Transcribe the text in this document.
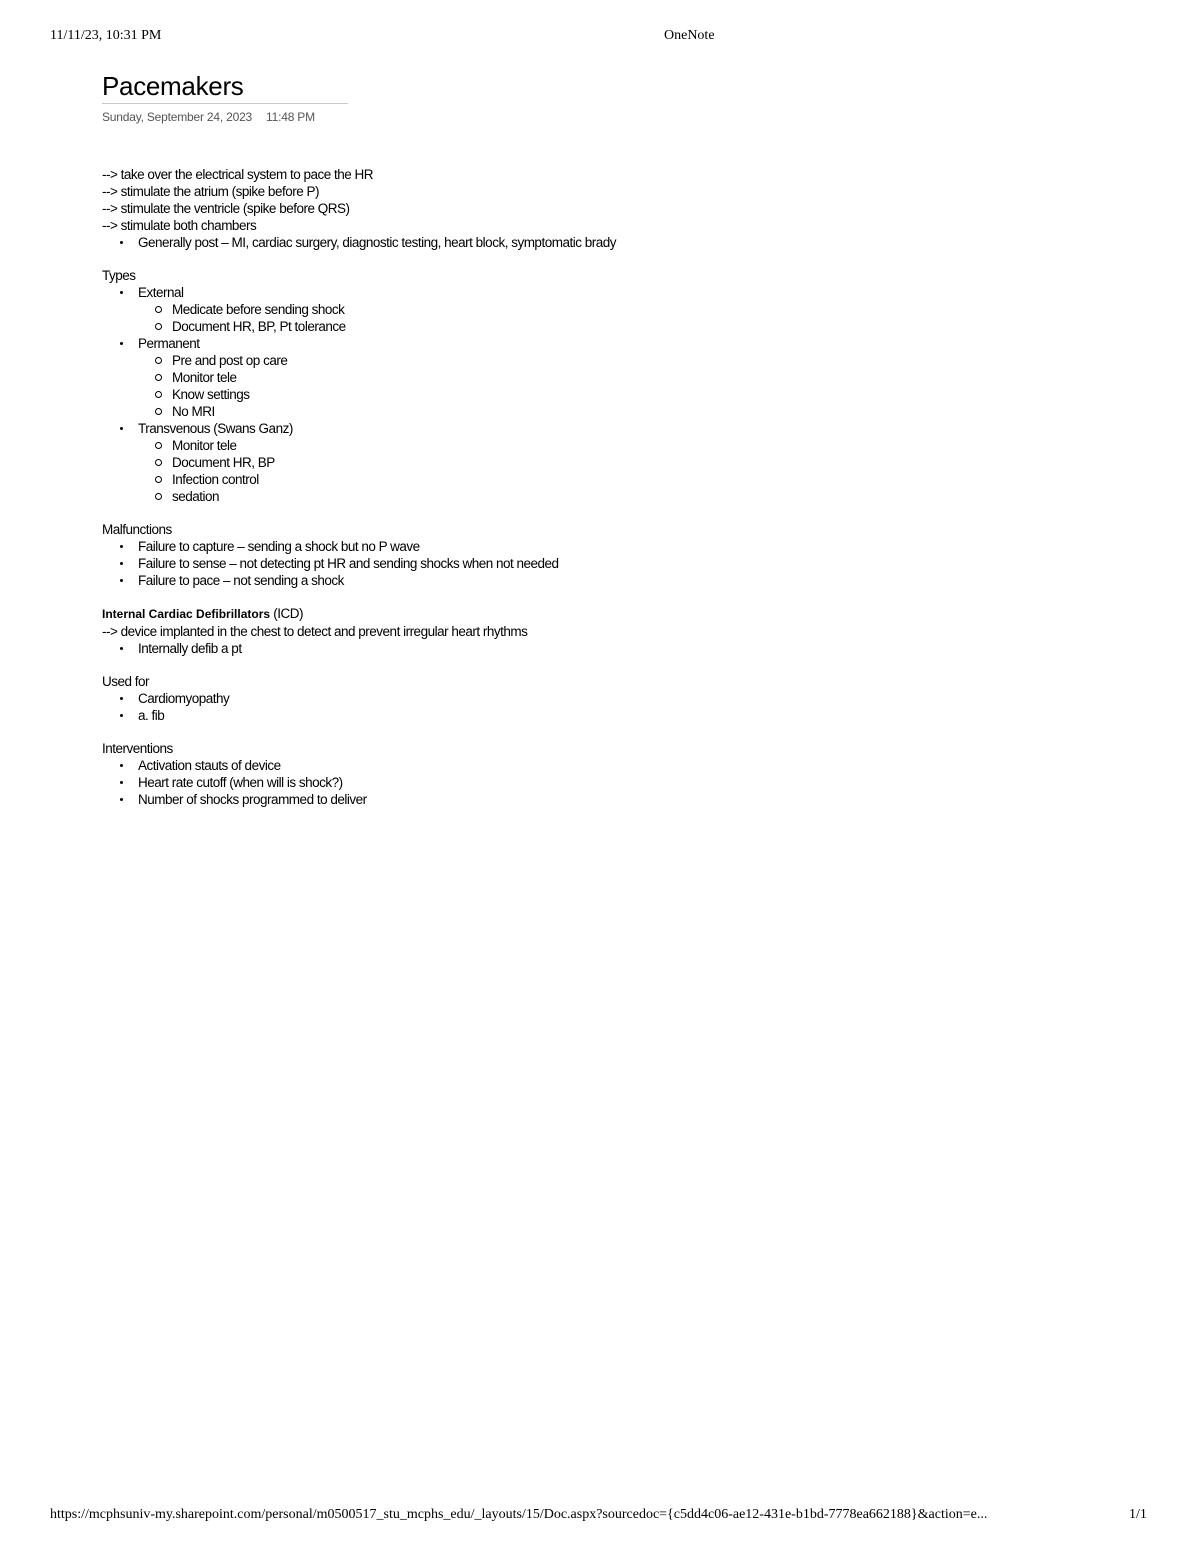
11/11/23, 10:31 PM	OneNote
Pacemakers
Sunday, September 24, 2023 11:48 PM

--> take over the electrical system to pace the HR

--> stimulate the atrium (spike before P)

--> stimulate the ventricle (spike before QRS)

--> stimulate both chambers

Generally post – MI, cardiac surgery, diagnostic testing, heart block, symptomatic brady

Types

External
Medicate before sending shock
Document HR, BP, Pt tolerance
Permanent
Pre and post op care
Monitor tele
Know settings
No MRI
Transvenous (Swans Ganz)
Monitor tele
Document HR, BP
Infection control
sedation

Malfunctions

Failure to capture – sending a shock but no P wave
Failure to sense – not detecting pt HR and sending shocks when not needed
Failure to pace – not sending a shock

Internal Cardiac Defibrillators (ICD)

--> device implanted in the chest to detect and prevent irregular heart rhythms

Internally defib a pt

Used for

Cardiomyopathy
a. fib

Interventions

Activation stauts of device
Heart rate cutoff (when will is shock?)
Number of shocks programmed to deliver
https://mcphsuniv-my.sharepoint.com/personal/m0500517_stu_mcphs_edu/_layouts/15/Doc.aspx?sourcedoc={c5dd4c06-ae12-431e-b1bd-7778ea662188}&action=e...	1/1
